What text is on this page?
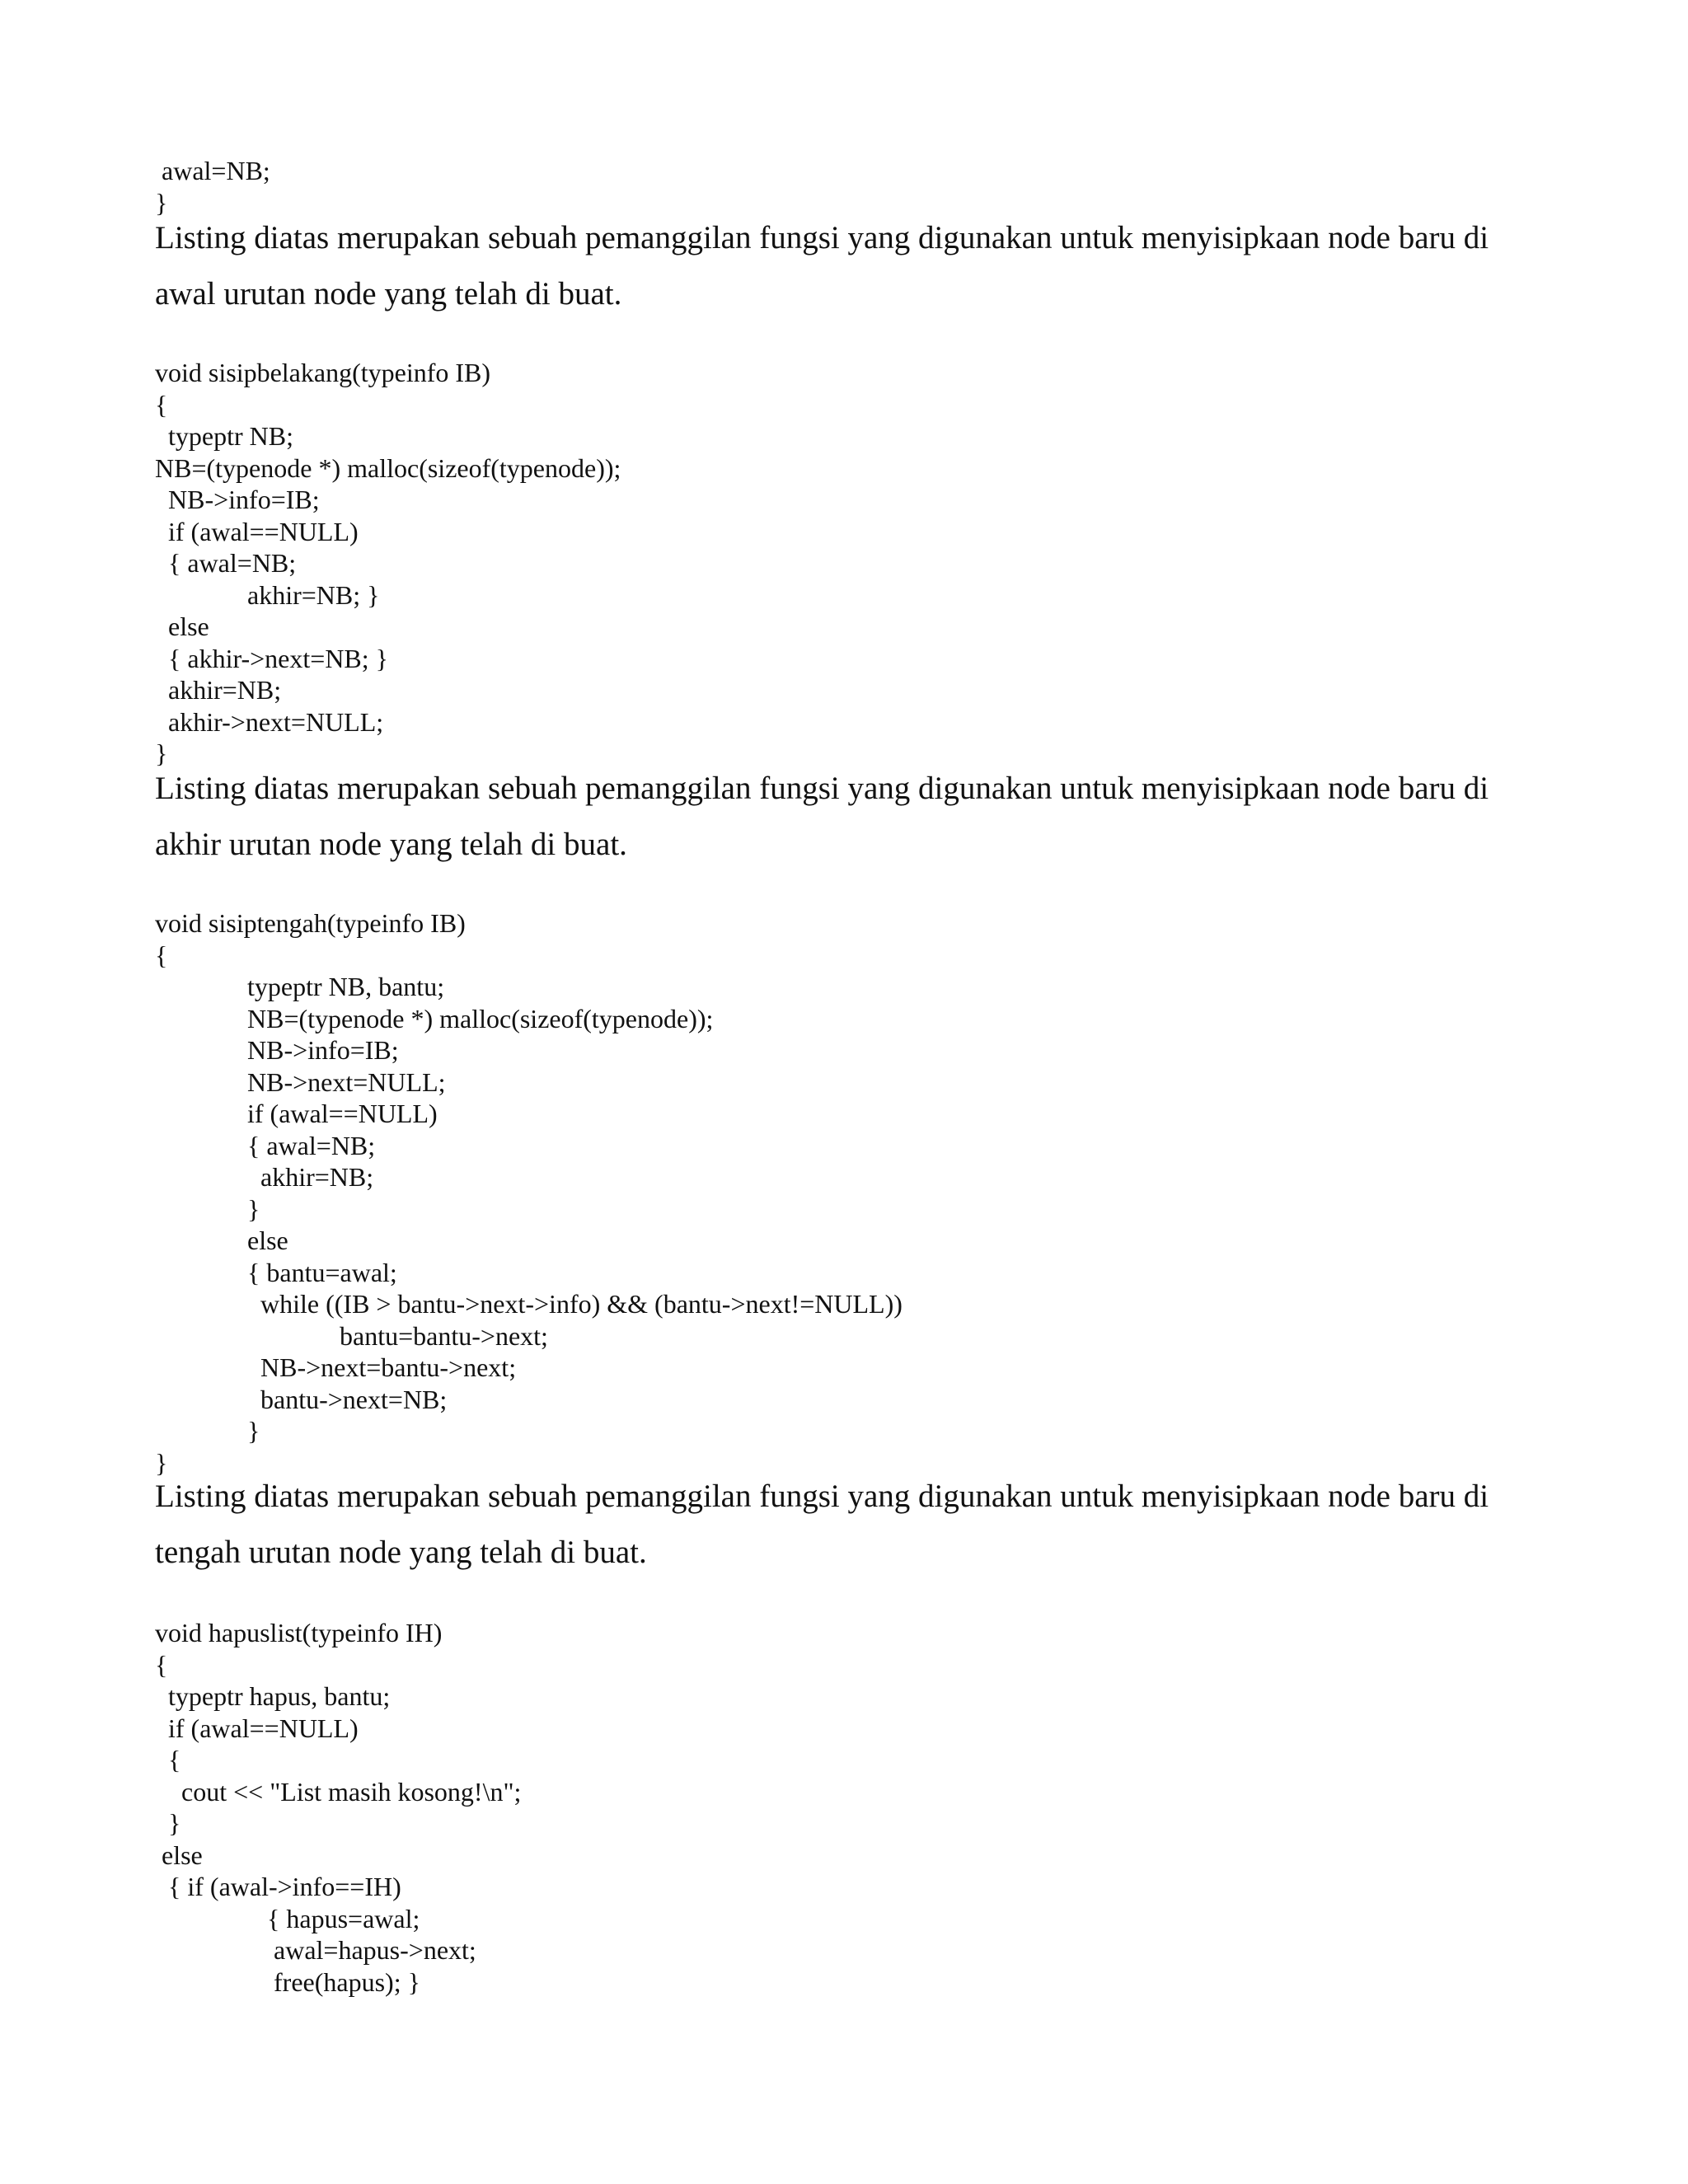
awal=NB;
}
Listing diatas merupakan sebuah pemanggilan fungsi yang digunakan untuk menyisipkaan node baru di
awal urutan node yang telah di buat.
void sisipbelakang(typeinfo IB)
{
typeptr NB;
NB=(typenode *) malloc(sizeof(typenode));
NB->info=IB;
if (awal==NULL)
{ awal=NB;
akhir=NB; }
else
{ akhir->next=NB; }
akhir=NB;
akhir->next=NULL;
}
Listing diatas merupakan sebuah pemanggilan fungsi yang digunakan untuk menyisipkaan node baru di
akhir urutan node yang telah di buat.
void sisiptengah(typeinfo IB)
{
typeptr NB, bantu;
NB=(typenode *) malloc(sizeof(typenode));
NB->info=IB;
NB->next=NULL;
if (awal==NULL)
{ awal=NB;
akhir=NB;
}
else
{ bantu=awal;
while ((IB > bantu->next->info) && (bantu->next!=NULL))
bantu=bantu->next;
NB->next=bantu->next;
bantu->next=NB;
}
}
Listing diatas merupakan sebuah pemanggilan fungsi yang digunakan untuk menyisipkaan node baru di
tengah urutan node yang telah di buat.
void hapuslist(typeinfo IH)
{
typeptr hapus, bantu;
if (awal==NULL)
{
cout << "List masih kosong!\n";
}
else
{ if (awal->info==IH)
{ hapus=awal;
awal=hapus->next;
free(hapus); }
